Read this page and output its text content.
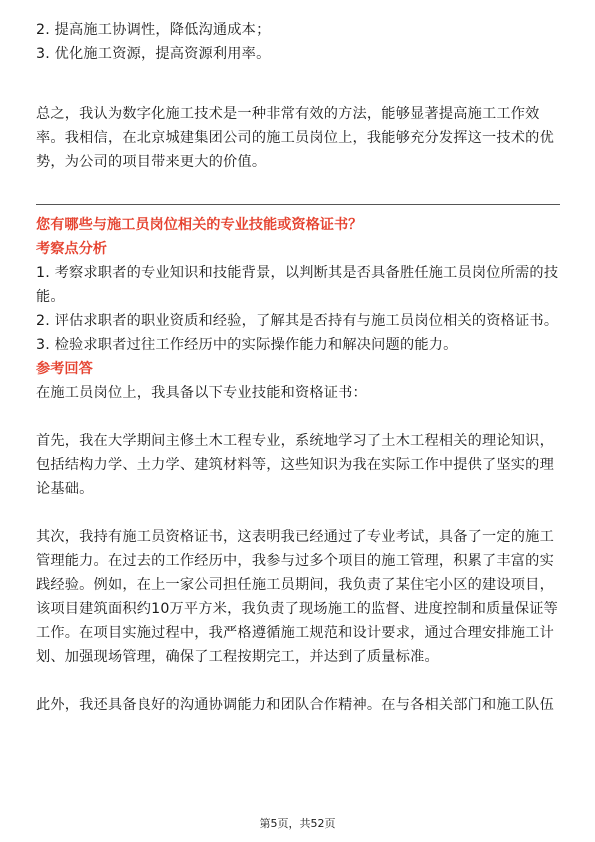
2. 提高施工协调性，降低沟通成本；
3. 优化施工资源，提高资源利用率。
总之，我认为数字化施工技术是一种非常有效的方法，能够显著提高施工工作效
率。我相信，在北京城建集团公司的施工员岗位上，我能够充分发挥这一技术的优
势，为公司的项目带来更大的价值。
您有哪些与施工员岗位相关的专业技能或资格证书？
考察点分析
1. 考察求职者的专业知识和技能背景，以判断其是否具备胜任施工员岗位所需的技
能。
2. 评估求职者的职业资质和经验，了解其是否持有与施工员岗位相关的资格证书。
3. 检验求职者过往工作经历中的实际操作能力和解决问题的能力。
参考回答
在施工员岗位上，我具备以下专业技能和资格证书：
首先，我在大学期间主修土木工程专业，系统地学习了土木工程相关的理论知识，
包括结构力学、土力学、建筑材料等，这些知识为我在实际工作中提供了坚实的理
论基础。
其次，我持有施工员资格证书，这表明我已经通过了专业考试，具备了一定的施工
管理能力。在过去的工作经历中，我参与过多个项目的施工管理，积累了丰富的实
践经验。例如，在上一家公司担任施工员期间，我负责了某住宅小区的建设项目，
该项目建筑面积约10万平方米，我负责了现场施工的监督、进度控制和质量保证等
工作。在项目实施过程中，我严格遵循施工规范和设计要求，通过合理安排施工计
划、加强现场管理，确保了工程按期完工，并达到了质量标准。
此外，我还具备良好的沟通协调能力和团队合作精神。在与各相关部门和施工队伍
第5页，共52页
